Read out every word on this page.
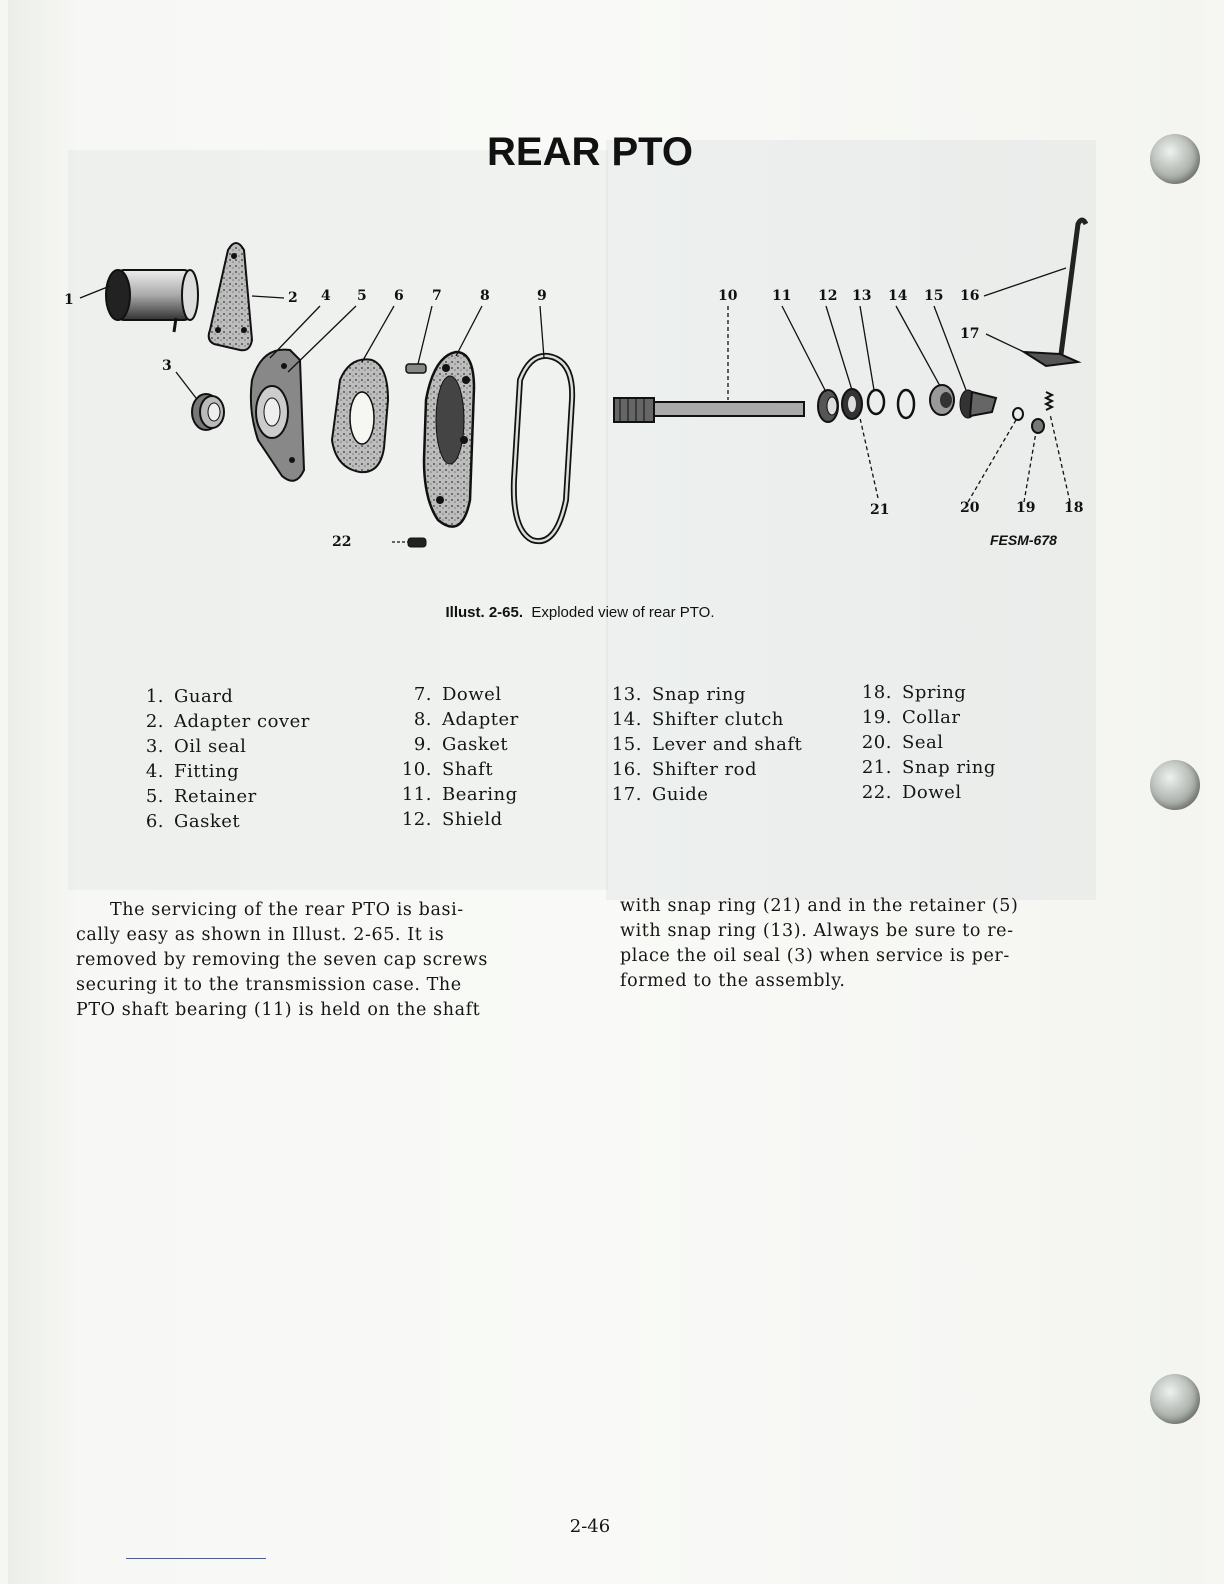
REAR PTO
1	2
3
4 5 6 7	8	9	10 11 12 13 14 15 16
17
18
19
20
21
22	FESM-678
Illust. 2-65. Exploded view of rear PTO.
1. Guard
2. Adapter cover
3. Oil seal
4. Fitting
5. Retainer
6. Gasket
7. Dowel
8. Adapter
9. Gasket
10. Shaft
11. Bearing
12. Shield
13. Snap ring
14. Shifter clutch
15. Lever and shaft
16. Shifter rod
17. Guide
18. Spring
19. Collar
20. Seal
21. Snap ring
22. Dowel
The servicing of the rear PTO is basi-
cally easy as shown in Illust. 2-65. It is
removed by removing the seven cap screws
securing it to the transmission case. The
PTO shaft bearing (11) is held on the shaft
with snap ring (21) and in the retainer (5)
with snap ring (13). Always be sure to re-
place the oil seal (3) when service is per-
formed to the assembly.
2-46
